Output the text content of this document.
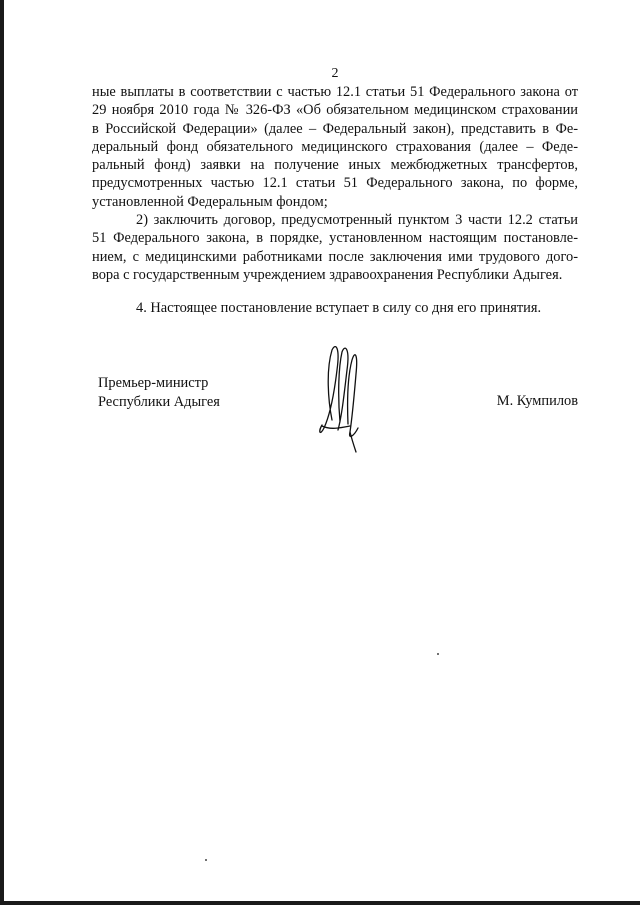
2

ные выплаты в соответствии с частью 12.1 статьи 51 Федерального закона от

29 ноября 2010 года № 326-ФЗ «Об обязательном медицинском страховании

в Российской Федерации» (далее – Федеральный закон), представить в Фе-

деральный фонд обязательного медицинского страхования (далее – Феде-

ральный фонд) заявки на получение иных межбюджетных трансфертов,

предусмотренных частью 12.1 статьи 51 Федерального закона, по форме,

установленной Федеральным фондом;

2) заключить договор, предусмотренный пунктом 3 части 12.2 статьи

51 Федерального закона, в порядке, установленном настоящим постановле-

нием, с медицинскими работниками после заключения ими трудового дого-

вора с государственным учреждением здравоохранения Республики Адыгея.

4. Настоящее постановление вступает в силу со дня его принятия.

Премьер-министр
Республики Адыгея	М. Кумпилов
